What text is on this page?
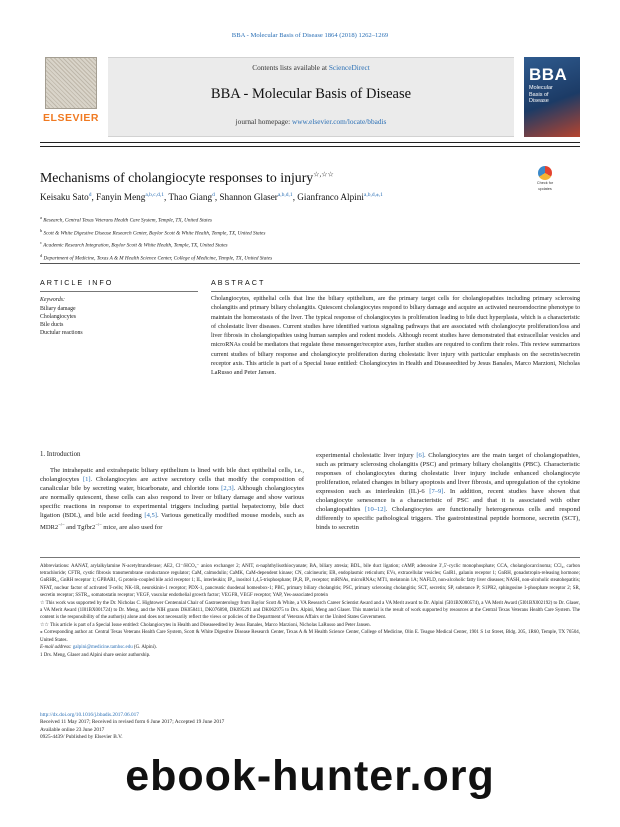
BBA - Molecular Basis of Disease 1864 (2018) 1262–1269
ELSEVIER
Contents lists available at ScienceDirect
BBA - Molecular Basis of Disease
journal homepage: www.elsevier.com/locate/bbadis
BBA
Molecular
Basis of
Disease
Mechanisms of cholangiocyte responses to injury☆,☆☆
Check for
updates
Keisaku Sato$^d$, Fanyin Meng$^{a,b,c,d,1}$, Thao Giang$^d$, Shannon Glaser$^{a,b,d,1}$, Gianfranco Alpini$^{a,b,d,⁎,1}$
$^a$ Research, Central Texas Veterans Health Care System, Temple, TX, United States
$^b$ Scott & White Digestive Disease Research Center, Baylor Scott & White Health, Temple, TX, United States
$^c$ Academic Research Integration, Baylor Scott & White Health, Temple, TX, United States
$^d$ Department of Medicine, Texas A & M Health Science Center, College of Medicine, Temple, TX, United States
ARTICLE INFO
Keywords:
Biliary damage
Cholangiocytes
Bile ducts
Ductular reactions
ABSTRACT
Cholangiocytes, epithelial cells that line the biliary epithelium, are the primary target cells for cholangiopathies including primary sclerosing cholangitis and primary biliary cholangitis. Quiescent cholangiocytes respond to biliary damage and acquire an activated neuroendocrine phenotype to maintain the homeostasis of the liver. The typical response of cholangiocytes is proliferation leading to bile duct hyperplasia, which is a characteristic of cholestatic liver diseases. Current studies have identified various signaling pathways that are associated with cholangiocyte proliferation/loss and liver fibrosis in cholangiopathies using human samples and rodent models. Although recent studies have demonstrated that extracellular vesicles and microRNAs could be mediators that regulate these messenger/receptor axes, further studies are required to confirm their roles. This review summarizes current studies of biliary response and cholangiocyte proliferation during cholestatic liver injury with particular emphasis on the secretin/secretin receptor axis. This article is part of a Special Issue entitled: Cholangiocytes in Health and Diseaseedited by Jesus Banales, Marco Marzioni, Nicholas LaRusso and Peter Jansen.
1. Introduction
The intrahepatic and extrahepatic biliary epithelium is lined with bile duct epithelial cells, i.e., cholangiocytes [1]. Cholangiocytes are active secretory cells that modify the composition of canalicular bile by secreting water, bicarbonate, and chloride ions [2,3]. Although cholangiocytes are normally quiescent, these cells can also respond to liver or biliary damage and show various specific reactions in response to experimental triggers including partial hepatectomy, bile duct ligation (BDL), and bile acid feeding [4,5]. Various genetically modified mouse models, such as MDR2−/− and Tgfbr2−/− mice, are also used for
experimental cholestatic liver injury [6]. Cholangiocytes are the main target of cholangiopathies, such as primary sclerosing cholangitis (PSC) and primary biliary cholangitis (PBC). Characteristic responses of cholangiocytes during cholestatic liver injury include enhanced cholangiocyte proliferation, related changes in biliary apoptosis and liver fibrosis, and upregulation of the cytokine expression such as interleukin (IL)-6 [7–9]. In addition, recent studies have shown that cholangiocyte senescence is a characteristic of PSC and that it is associated with other cholangiopathies [10–12]. Cholangiocytes are functionally heterogeneous cells and respond differently to specific pathological triggers. The gastrointestinal peptide hormone, secretin (SCT), binds to secretin

Abbreviations: AANAT, arylalkylamine N-acetyltransferase; AE2, Cl⁻/HCO₃⁻ anion exchanger 2; ANIT, α-naphthylisothiocyanate; BA, biliary atresia; BDL, bile duct ligation; cAMP, adenosine 3′,5′-cyclic monophosphate; CCA, cholangiocarcinoma; CCl₄, carbon tetrachloride; CFTR, cystic fibrosis transmembrane conductance regulator; CaM, calmodulin; CaMK, CaM-dependent kinase; CN, calcineurin; ER, endoplasmic reticulum; EVs, extracellular vesicles; GalR1, galanin receptor 1; GnRH, gonadotropin-releasing hormone; GnRHR₁, GnRH receptor 1; GPBAR1, G protein-coupled bile acid receptor 1; IL, interleukin; IP₃, inositol 1,4,5-trisphosphate; IP₃R, IP₃ receptor; miRNAs, microRNAs; MT1, melatonin 1A; NAFLD, non-alcoholic fatty liver diseases; NASH, non-alcoholic steatohepatitis; NFAT, nuclear factor of activated T-cells; NK-1R, neurokinin-1 receptor; PDX-1, pancreatic duodenal homeobox-1; PBC, primary biliary cholangitis; PSC, primary sclerosing cholangitis; SCT, secretin; SP, substance P; S1PR2, sphingosine 1-phosphate receptor 2; SR, secretin receptor; SSTR₂, somatostatin receptor; VEGF, vascular endothelial growth factor; VEGFR, VEGF receptor; YAP, Yes-associated protein

☆ This work was supported by the Dr. Nicholas C. Hightower Centennial Chair of Gastroenterology from Baylor Scott & White, a VA Research Career Scientist Award and a VA Merit award to Dr. Alpini (5I01BX000574), a VA Merit Award (5I01BX002192) to Dr. Glaser, a VA Merit Award (1I01BX001724) to Dr. Meng, and the NIH grants DK058411, DK076898, DK095291 and DK062975 to Drs. Alpini, Meng and Glaser. This material is the result of work supported by resources at the Central Texas Veterans Health Care System. The content is the responsibility of the author(s) alone and does not necessarily reflect the views or policies of the Department of Veterans Affairs or the United States Government.

☆☆ This article is part of a Special Issue entitled: Cholangiocytes in Health and Diseaseedited by Jesus Banales, Marco Marzioni, Nicholas LaRusso and Peter Jansen.

⁎ Corresponding author at: Central Texas Veterans Health Care System, Scott & White Digestive Disease Research Center, Texas A & M Health Science Center, College of Medicine, Olin E. Teague Medical Center, 1901 S 1st Street, Bldg. 205, 1R60, Temple, TX 76504, United States.

E-mail address: galpini@medicine.tamhsc.edu (G. Alpini).

1 Drs. Meng, Glaser and Alpini share senior authorship.

http://dx.doi.org/10.1016/j.bbadis.2017.06.017
Received 11 May 2017; Received in revised form 6 June 2017; Accepted 19 June 2017
Available online 23 June 2017
0925-4439/ Published by Elsevier B.V.
ebook-hunter.org
